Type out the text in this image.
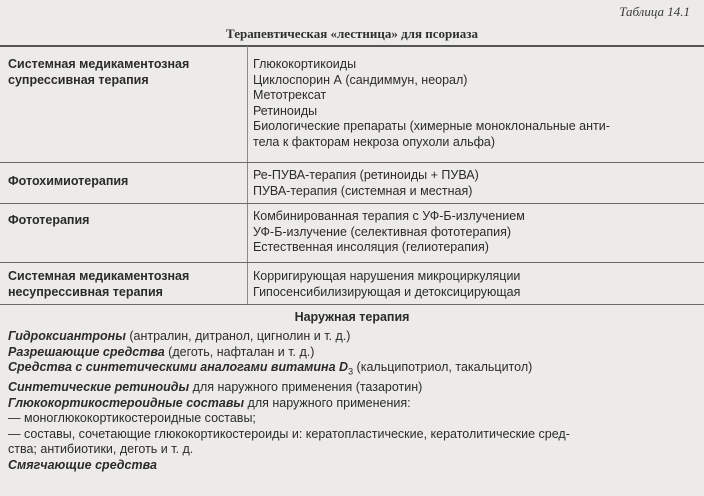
Таблица 14.1
Терапевтическая «лестница» для псориаза
Системная медикаментозная супрессивная терапия
Глюкокортикоиды
Циклоспорин А (сандиммун, неорал)
Метотрексат
Ретиноиды
Биологические препараты (химерные моноклональные анти-
тела к факторам некроза опухоли альфа)
Фотохимиотерапия	Ре-ПУВА-терапия (ретиноиды + ПУВА)
ПУВА-терапия (системная и местная)
Фототерапия	Комбинированная терапия с УФ-Б-излучением
УФ-Б-излучение (селективная фототерапия)
Естественная инсоляция (гелиотерапия)
Системная медикаментозная несупрессивная терапия
Корригирующая нарушения микроциркуляции
Гипосенсибилизирующая и детоксицирующая
Наружная терапия
Гидроксиантроны (антралин, дитранол, цигнолин и т. д.)
Разрешающие средства (деготь, нафталан и т. д.)
Средства с синтетическими аналогами витамина $D_3$ (кальципотриол, такальцитол)
Синтетические ретиноиды для наружного применения (тазаротин)
Глюкокортикостероидные составы для наружного применения:
— моноглюкокортикостероидные составы;
— составы, сочетающие глюкокортикостероиды и: кератопластические, кератолитические сред-
ства; антибиотики, деготь и т. д.
Смягчающие средства
